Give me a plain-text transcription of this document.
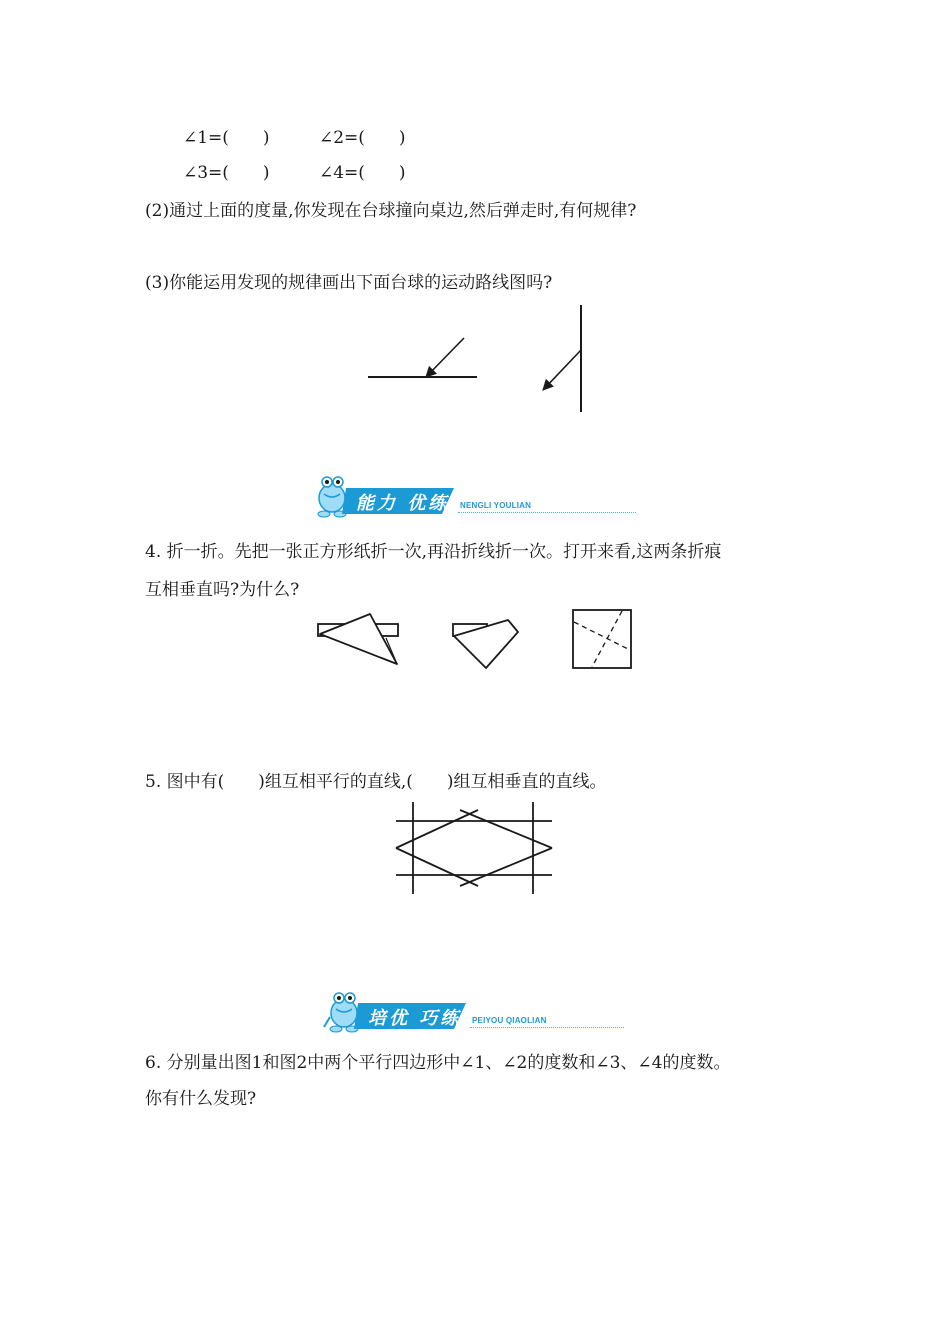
∠1=(　　)	∠2=(　　)
∠3=(　　)	∠4=(　　)
(2)通过上面的度量,你发现在台球撞向桌边,然后弹走时,有何规律?
(3)你能运用发现的规律画出下面台球的运动路线图吗?
能力 优练 NENGLI YOULIAN
4. 折一折。先把一张正方形纸折一次,再沿折线折一次。打开来看,这两条折痕
互相垂直吗?为什么?
5. 图中有(　　)组互相平行的直线,(　　)组互相垂直的直线。
培优 巧练 PEIYOU QIAOLIAN
6. 分别量出图1和图2中两个平行四边形中∠1、∠2的度数和∠3、∠4的度数。
你有什么发现?
